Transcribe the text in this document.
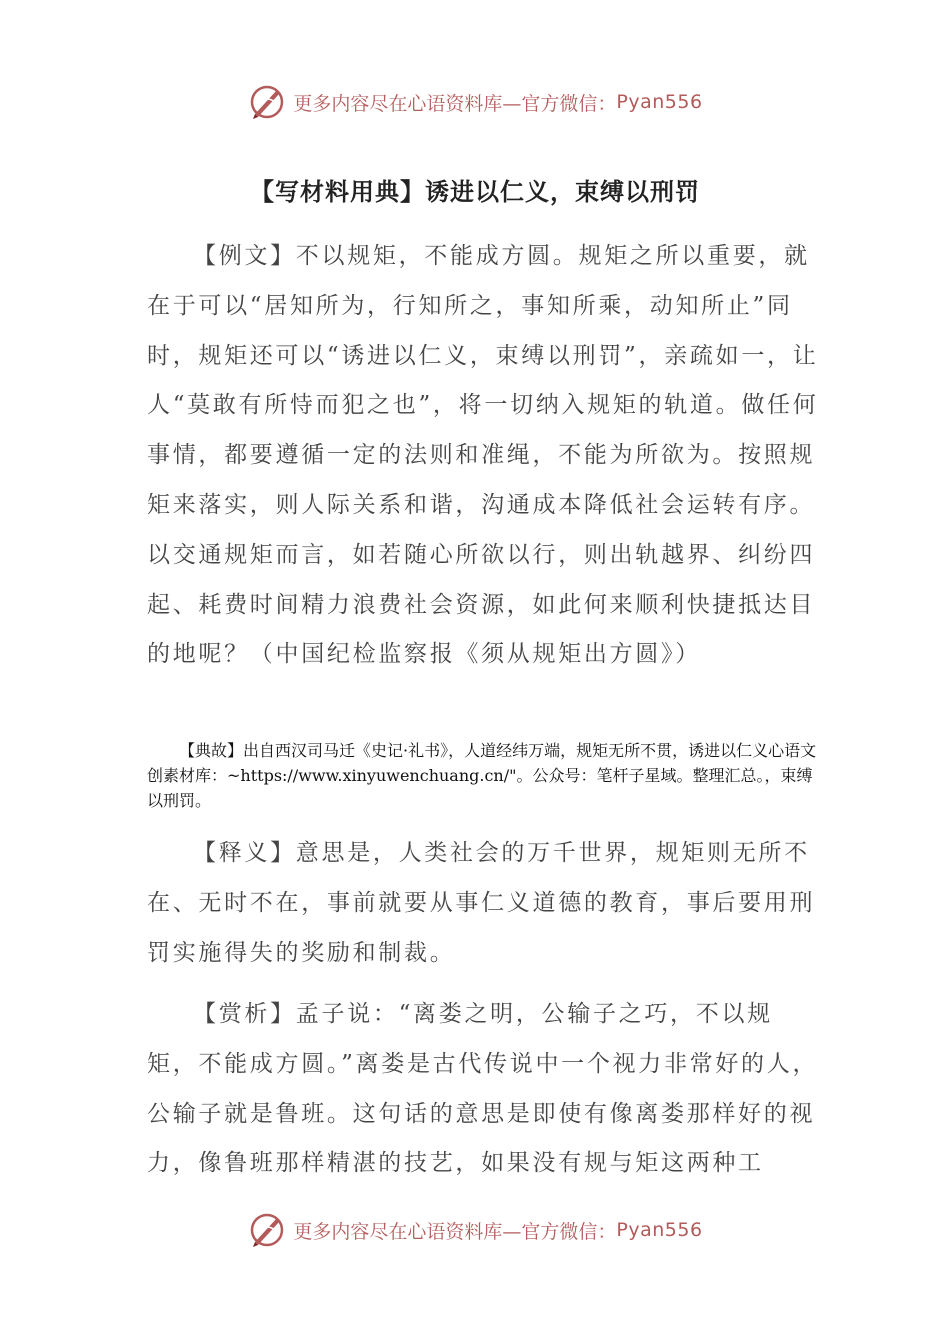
更多内容尽在心语资料库—官方微信： Pyan556
【写材料用典】诱进以仁义，束缚以刑罚

【例文】不以规矩，不能成方圆。规矩之所以重要，就在于可以“居知所为，行知所之，事知所乘，动知所止”同时，规矩还可以“诱进以仁义，束缚以刑罚”，亲疏如一，让人“莫敢有所恃而犯之也”，将一切纳入规矩的轨道。做任何事情，都要遵循一定的法则和准绳，不能为所欲为。按照规矩来落实，则人际关系和谐，沟通成本降低社会运转有序。以交通规矩而言，如若随心所欲以行，则出轨越界、纠纷四起、耗费时间精力浪费社会资源，如此何来顺利快捷抵达目的地呢？（中国纪检监察报《须从规矩出方圆》）

【典故】出自西汉司马迁《史记·礼书》，人道经纬万端，规矩无所不贯，诱进以仁义心语文创素材库：~https://www.xinyuwenchuang.cn/"。公众号：笔杆子星域。整理汇总。，束缚以刑罚。

【释义】意思是，人类社会的万千世界，规矩则无所不在、无时不在，事前就要从事仁义道德的教育，事后要用刑罚实施得失的奖励和制裁。

【赏析】孟子说：“离娄之明，公输子之巧，不以规矩，不能成方圆。”离娄是古代传说中一个视力非常好的人，公输子就是鲁班。这句话的意思是即使有像离娄那样好的视力，像鲁班那样精湛的技艺，如果没有规与矩这两种工

更多内容尽在心语资料库—官方微信： Pyan556
